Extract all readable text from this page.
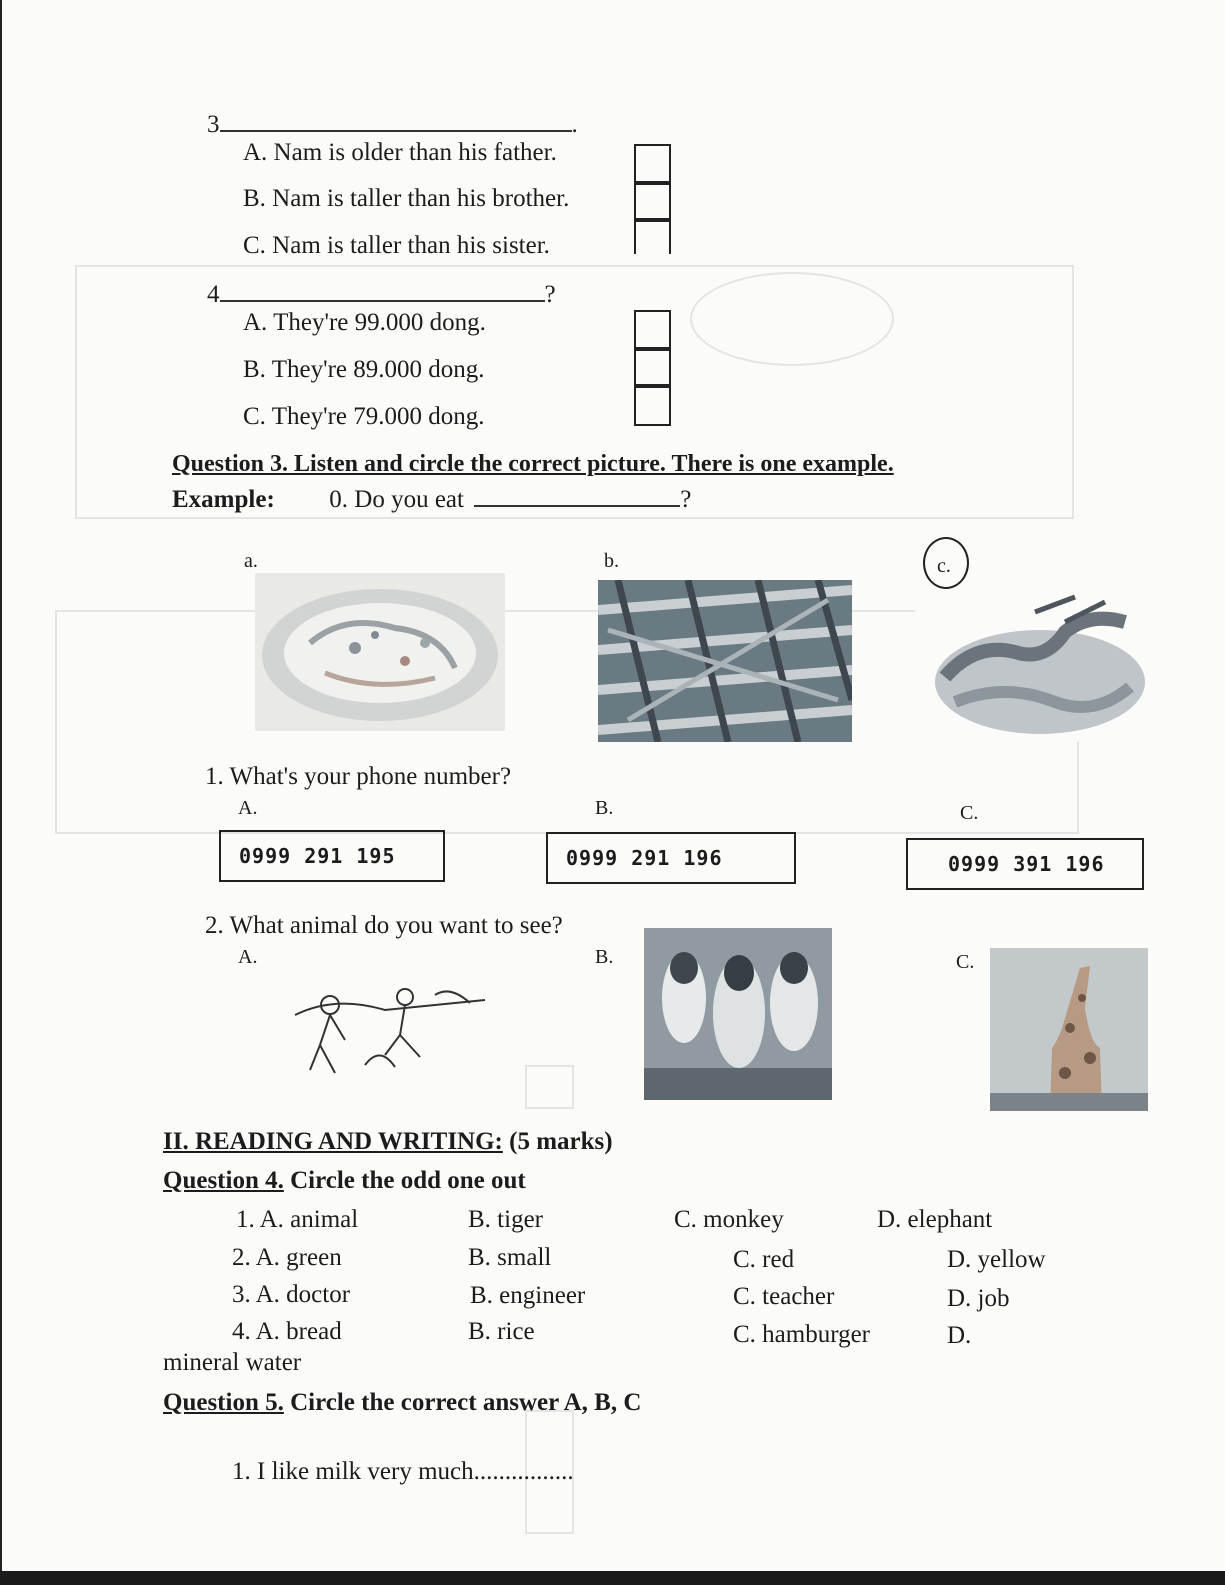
3	.
A. Nam is older than his father.
B. Nam is taller than his brother.
C. Nam is taller than his sister.
4	?
A. They're 99.000 dong.
B. They're 89.000 dong.
C. They're 79.000 dong.
Question 3. Listen and circle the correct picture. There is one example.
Example: 0. Do you eat	?
a.	b.	c.
1. What's your phone number?
A.	B.	C.
0999 291 195	0999 291 196	0999 391 196
2. What animal do you want to see?
A.	B.	C.
II. READING AND WRITING: (5 marks)
Question 4. Circle the odd one out
1. A. animal	B. tiger	C. monkey	D. elephant
2. A. green	B. small	C. red	D. yellow
3. A. doctor	B. engineer	C. teacher	D. job
4. A. bread	B. rice	C. hamburger	D.
mineral water
Question 5. Circle the correct answer A, B, C
1. I like milk very much................
